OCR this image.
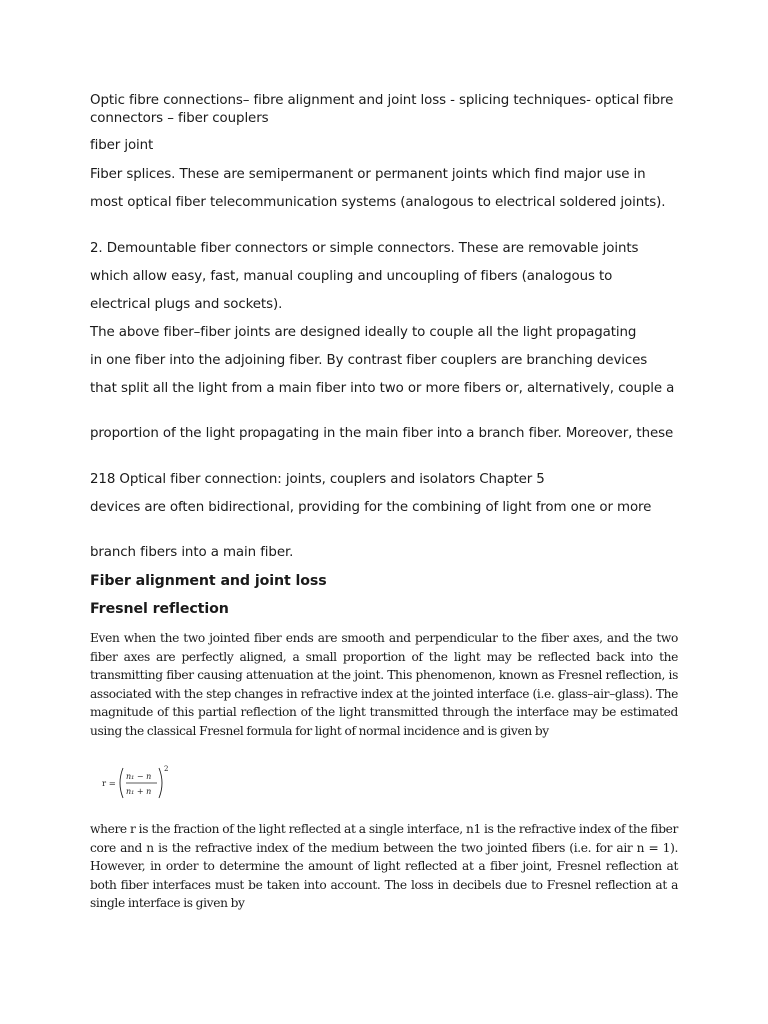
Optic fibre connections– fibre alignment and joint loss - splicing techniques- optical fibre connectors – fiber couplers

fiber joint

Fiber splices. These are semipermanent or permanent joints which find major use in

most optical fiber telecommunication systems (analogous to electrical soldered joints).

2. Demountable fiber connectors or simple connectors. These are removable joints

which allow easy, fast, manual coupling and uncoupling of fibers (analogous to

electrical plugs and sockets).

The above fiber–fiber joints are designed ideally to couple all the light propagating

in one fiber into the adjoining fiber. By contrast fiber couplers are branching devices

that split all the light from a main fiber into two or more fibers or, alternatively, couple a

proportion of the light propagating in the main fiber into a branch fiber. Moreover, these

218 Optical fiber connection: joints, couplers and isolators Chapter 5

devices are often bidirectional, providing for the combining of light from one or more

branch fibers into a main fiber.

Fiber alignment and joint loss

Fresnel reflection

Even when the two jointed fiber ends are smooth and perpendicular to the fiber axes, and the two fiber axes are perfectly aligned, a small proportion of the light may be reflected back into the transmitting fiber causing attenuation at the joint. This phenomenon, known as Fresnel reflection, is associated with the step changes in refractive index at the jointed interface (i.e. glass–air–glass). The magnitude of this partial reflection of the light transmitted through the interface may be estimated using the classical Fresnel formula for light of normal incidence and is given by

r =
n₁ − n
n₁ + n
2

where r is the fraction of the light reflected at a single interface, n1 is the refractive index of the fiber core and n is the refractive index of the medium between the two jointed fibers (i.e. for air n = 1). However, in order to determine the amount of light reflected at a fiber joint, Fresnel reflection at both fiber interfaces must be taken into account. The loss in decibels due to Fresnel reflection at a single interface is given by
